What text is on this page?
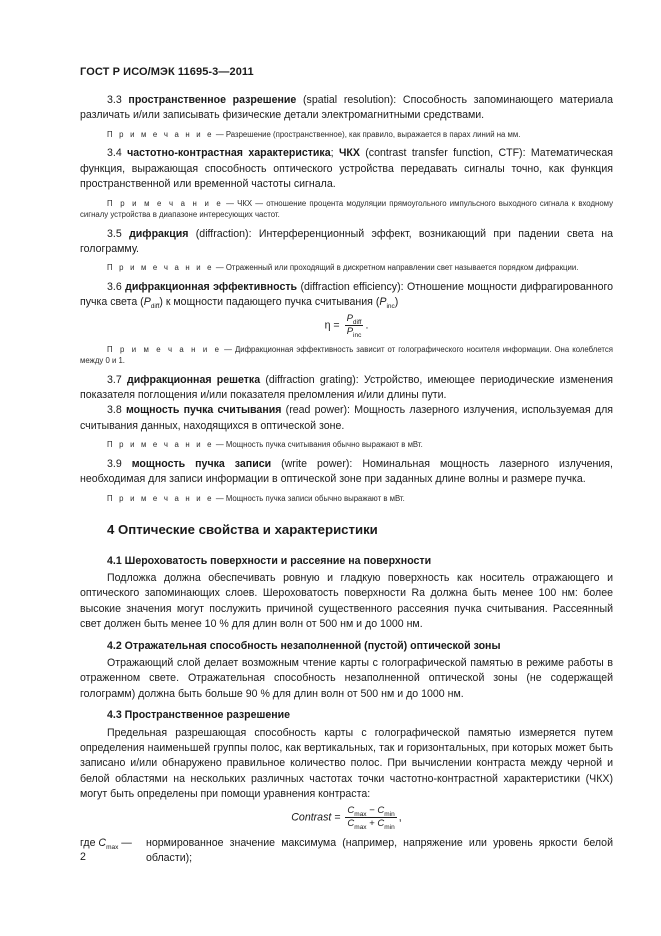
ГОСТ Р ИСО/МЭК 11695-3—2011

3.3 пространственное разрешение (spatial resolution): Способность запоминающего материала различать и/или записывать физические детали электромагнитными средствами.

П р и м е ч а н и е — Разрешение (пространственное), как правило, выражается в парах линий на мм.

3.4 частотно-контрастная характеристика; ЧКХ (contrast transfer function, CTF): Математическая функция, выражающая способность оптического устройства передавать сигналы точно, как функция пространственной или временной частоты сигнала.

П р и м е ч а н и е — ЧКХ — отношение процента модуляции прямоугольного импульсного выходного сигнала к входному сигналу устройства в диапазоне интересующих частот.

3.5 дифракция (diffraction): Интерференционный эффект, возникающий при падении света на голограмму.

П р и м е ч а н и е — Отраженный или проходящий в дискретном направлении свет называется порядком дифракции.

3.6 дифракционная эффективность (diffraction efficiency): Отношение мощности дифрагированного пучка света $(P_{diff})$ к мощности падающего пучка считывания $(P_{inc})$

$\eta = \frac{P_{diff}}{P_{inc}}$ .

П р и м е ч а н и е — Дифракционная эффективность зависит от голографического носителя информации. Она колеблется между 0 и 1.

3.7 дифракционная решетка (diffraction grating): Устройство, имеющее периодические изменения показателя поглощения и/или показателя преломления и/или длины пути.

3.8 мощность пучка считывания (read power): Мощность лазерного излучения, используемая для считывания данных, находящихся в оптической зоне.

П р и м е ч а н и е — Мощность пучка считывания обычно выражают в мВт.

3.9 мощность пучка записи (write power): Номинальная мощность лазерного излучения, необходимая для записи информации в оптической зоне при заданных длине волны и размере пучка.

П р и м е ч а н и е — Мощность пучка записи обычно выражают в мВт.

4 Оптические свойства и характеристики
4.1 Шероховатость поверхности и рассеяние на поверхности

Подложка должна обеспечивать ровную и гладкую поверхность как носитель отражающего и оптического запоминающих слоев. Шероховатость поверхности Ra должна быть менее 100 нм: более высокие значения могут послужить причиной существенного рассеяния пучка считывания. Рассеянный свет должен быть менее 10 % для длин волн от 500 нм и до 1000 нм.

4.2 Отражательная способность незаполненной (пустой) оптической зоны

Отражающий слой делает возможным чтение карты с голографической памятью в режиме работы в отраженном свете. Отражательная способность незаполненной оптической зоны (не содержащей голограмм) должна быть больше 90 % для длин волн от 500 нм и до 1000 нм.

4.3 Пространственное разрешение

Предельная разрешающая способность карты с голографической памятью измеряется путем определения наименьшей группы полос, как вертикальных, так и горизонтальных, при которых может быть записано и/или обнаружено правильное количество полос. При вычислении контраста между черной и белой областями на нескольких различных частотах точки частотно-контрастной характеристики (ЧКХ) могут быть определены при помощи уравнения контраста:

Contrast = $\frac{C_{max} - C_{min}}{C_{max} + C_{min}}$ ,
где $C_{max}$ — нормированное значение максимума (например, напряжение или уровень яркости белой области);
2
